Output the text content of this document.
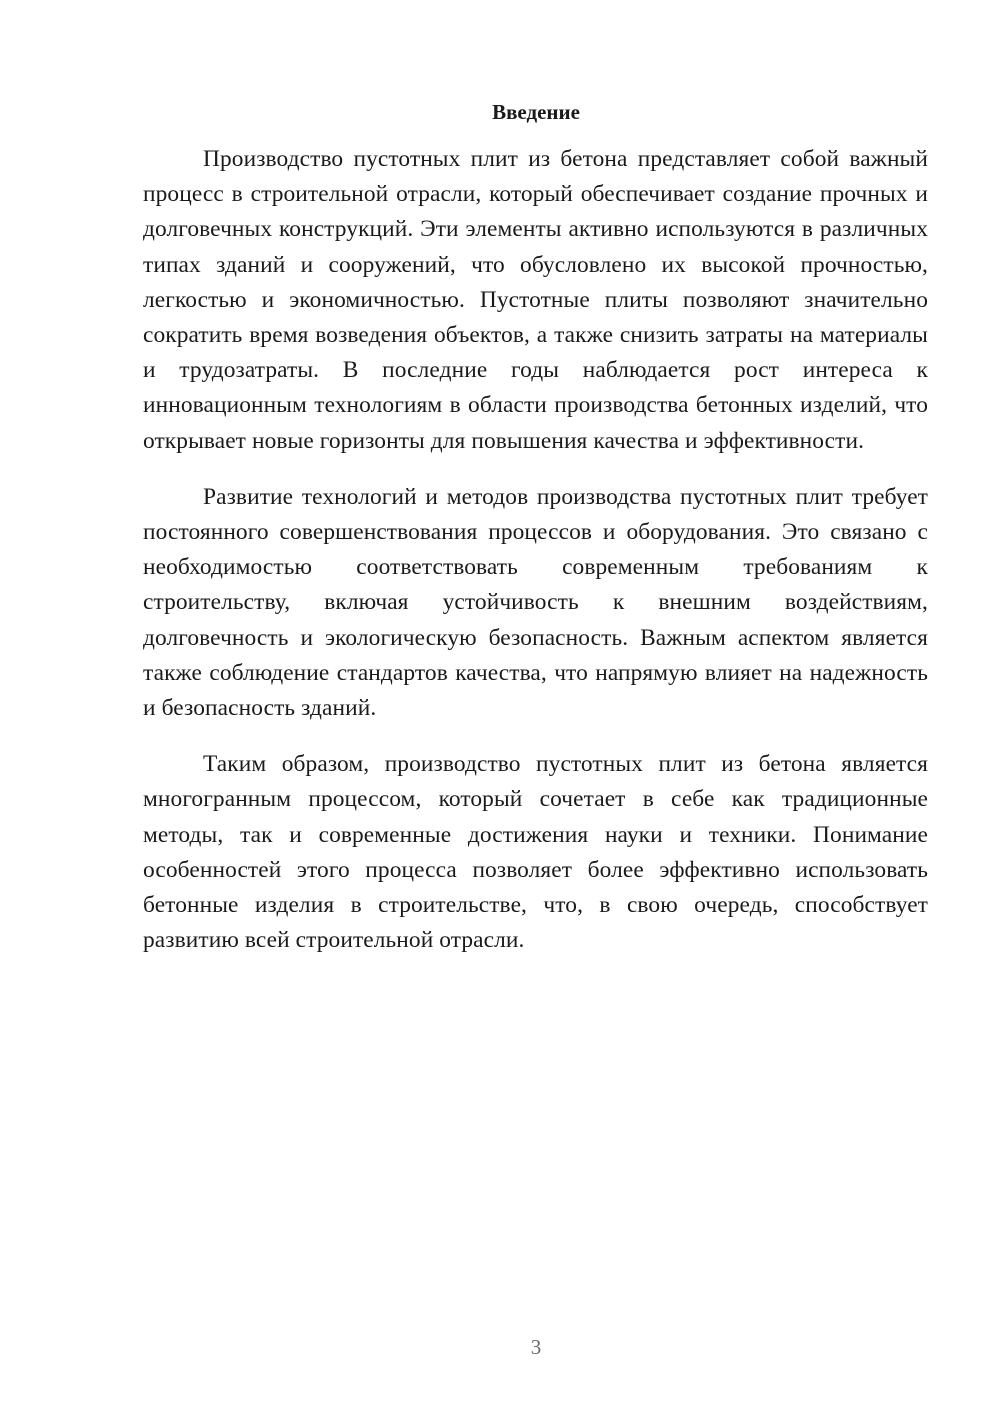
Введение

Производство пустотных плит из бетона представляет собой важный процесс в строительной отрасли, который обеспечивает создание прочных и долговечных конструкций. Эти элементы активно используются в различных типах зданий и сооружений, что обусловлено их высокой прочностью, легкостью и экономичностью. Пустотные плиты позволяют значительно сократить время возведения объектов, а также снизить затраты на материалы и трудозатраты. В последние годы наблюдается рост интереса к инновационным технологиям в области производства бетонных изделий, что открывает новые горизонты для повышения качества и эффективности.

Развитие технологий и методов производства пустотных плит требует постоянного совершенствования процессов и оборудования. Это связано с необходимостью соответствовать современным требованиям к строительству, включая устойчивость к внешним воздействиям, долговечность и экологическую безопасность. Важным аспектом является также соблюдение стандартов качества, что напрямую влияет на надежность и безопасность зданий.

Таким образом, производство пустотных плит из бетона является многогранным процессом, который сочетает в себе как традиционные методы, так и современные достижения науки и техники. Понимание особенностей этого процесса позволяет более эффективно использовать бетонные изделия в строительстве, что, в свою очередь, способствует развитию всей строительной отрасли.

3
